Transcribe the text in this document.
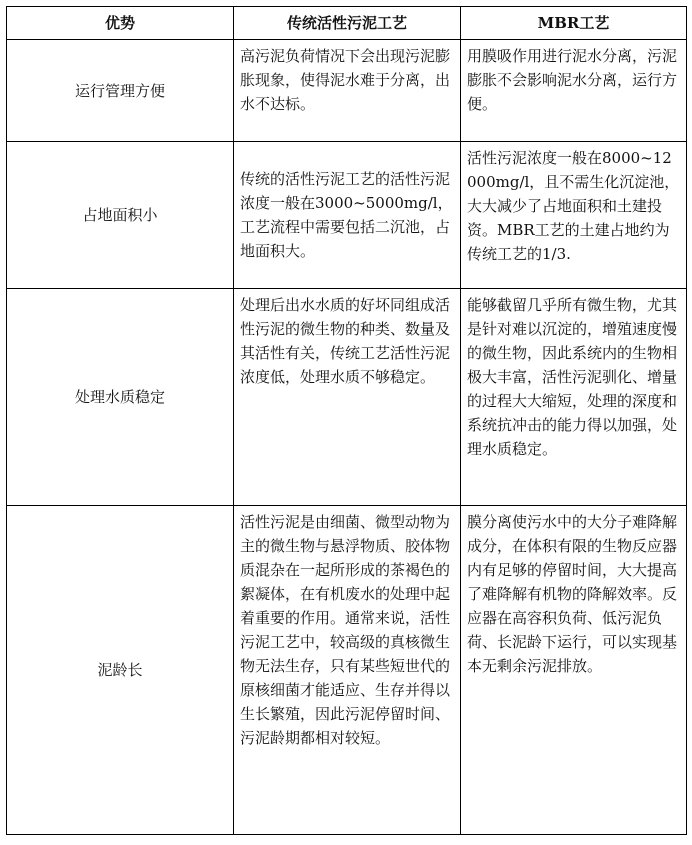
优势	传统活性污泥工艺	MBR工艺
运行管理方便	高污泥负荷情况下会出现污泥膨胀现象，使得泥水难于分离，出水不达标。	用膜吸作用进行泥水分离，污泥膨胀不会影响泥水分离，运行方便。
占地面积小	传统的活性污泥工艺的活性污泥浓度一般在3000~5000mg/l，工艺流程中需要包括二沉池，占地面积大。	活性污泥浓度一般在8000~12000mg/l，且不需生化沉淀池，大大减少了占地面积和土建投资。MBR工艺的土建占地约为传统工艺的1/3.
处理水质稳定	处理后出水水质的好坏同组成活性污泥的微生物的种类、数量及其活性有关，传统工艺活性污泥浓度低，处理水质不够稳定。	能够截留几乎所有微生物，尤其是针对难以沉淀的，增殖速度慢的微生物，因此系统内的生物相极大丰富，活性污泥驯化、增量的过程大大缩短，处理的深度和系统抗冲击的能力得以加强，处理水质稳定。
泥龄长	活性污泥是由细菌、微型动物为主的微生物与悬浮物质、胶体物质混杂在一起所形成的茶褐色的絮凝体，在有机废水的处理中起着重要的作用。通常来说，活性污泥工艺中，较高级的真核微生物无法生存，只有某些短世代的原核细菌才能适应、生存并得以生长繁殖，因此污泥停留时间、污泥龄期都相对较短。	膜分离使污水中的大分子难降解成分，在体积有限的生物反应器内有足够的停留时间，大大提高了难降解有机物的降解效率。反应器在高容积负荷、低污泥负荷、长泥龄下运行，可以实现基本无剩余污泥排放。
